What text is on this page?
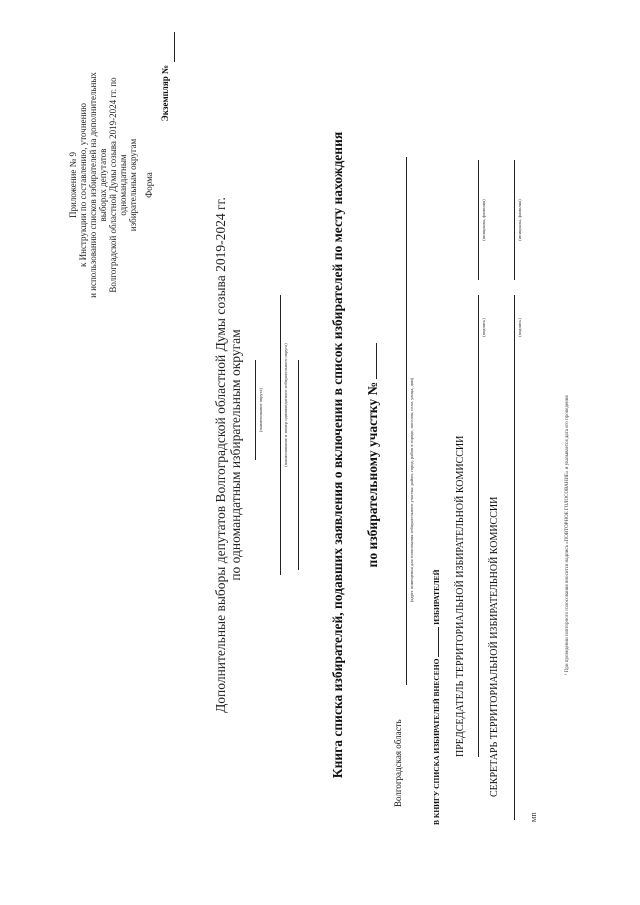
Приложение № 9 к Инструкции по составлению, уточнению и использованию списков избирателей на дополнительных выборах депутатов Волгоградской областной Думы созыва 2019-2024 гг. по одномандатным избирательным округам Форма
Экземпляр №
Дополнительные выборы депутатов Волгоградской областной Думы созыва 2019-2024 гг. по одномандатным избирательным округам	(наименование округа)	(наименование и номер одномандатного избирательного округа)	Книга списка избирателей, подавших заявления о включении в список избирателей по месту нахождения по избирательному участку №
Волгоградская область
(адрес помещения для голосования избирательного участка: район, город, район в городе, поселок, село, улица, дом)
В КНИГУ СПИСКА ИЗБИРАТЕЛЕЙ ВНЕСЕНО  ИЗБИРАТЕЛЕЙ ПРЕДСЕДАТЕЛЬ ТЕРРИТОРИАЛЬНОЙ ИЗБИРАТЕЛЬНОЙ КОМИССИИ
(подпись)
(инициалы, фамилия)
СЕКРЕТАРЬ ТЕРРИТОРИАЛЬНОЙ ИЗБИРАТЕЛЬНОЙ КОМИССИИ
(подпись)
(инициалы, фамилия)
МП
¹ При проведении повторного голосования вносится надпись «ПОВТОРНОЕ ГОЛОСОВАНИЕ» и указывается дата его проведения
